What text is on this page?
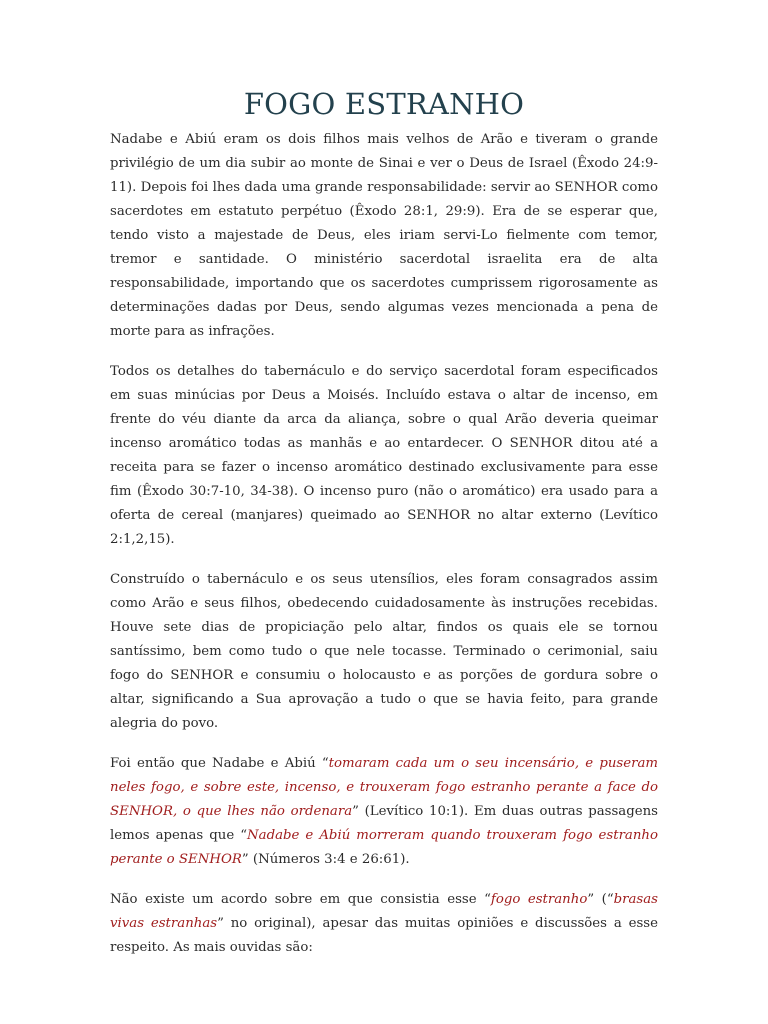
FOGO ESTRANHO

Nadabe e Abiú eram os dois filhos mais velhos de Arão e tiveram o grande privilégio de um dia subir ao monte de Sinai e ver o Deus de Israel (Êxodo 24:9-11). Depois foi lhes dada uma grande responsabilidade: servir ao SENHOR como sacerdotes em estatuto perpétuo (Êxodo 28:1, 29:9). Era de se esperar que, tendo visto a majestade de Deus, eles iriam servi-Lo fielmente com temor, tremor e santidade. O ministério sacerdotal israelita era de alta responsabilidade, importando que os sacerdotes cumprissem rigorosamente as determinações dadas por Deus, sendo algumas vezes mencionada a pena de morte para as infrações.

Todos os detalhes do tabernáculo e do serviço sacerdotal foram especificados em suas minúcias por Deus a Moisés. Incluído estava o altar de incenso, em frente do véu diante da arca da aliança, sobre o qual Arão deveria queimar incenso aromático todas as manhãs e ao entardecer. O SENHOR ditou até a receita para se fazer o incenso aromático destinado exclusivamente para esse fim (Êxodo 30:7-10, 34-38). O incenso puro (não o aromático) era usado para a oferta de cereal (manjares) queimado ao SENHOR no altar externo (Levítico 2:1,2,15).

Construído o tabernáculo e os seus utensílios, eles foram consagrados assim como Arão e seus filhos, obedecendo cuidadosamente às instruções recebidas. Houve sete dias de propiciação pelo altar, findos os quais ele se tornou santíssimo, bem como tudo o que nele tocasse. Terminado o cerimonial, saiu fogo do SENHOR e consumiu o holocausto e as porções de gordura sobre o altar, significando a Sua aprovação a tudo o que se havia feito, para grande alegria do povo.

Foi então que Nadabe e Abiú “tomaram cada um o seu incensário, e puseram neles fogo, e sobre este, incenso, e trouxeram fogo estranho perante a face do SENHOR, o que lhes não ordenara” (Levítico 10:1). Em duas outras passagens lemos apenas que “Nadabe e Abiú morreram quando trouxeram fogo estranho perante o SENHOR” (Números 3:4 e 26:61).

Não existe um acordo sobre em que consistia esse “fogo estranho” (“brasas vivas estranhas” no original), apesar das muitas opiniões e discussões a esse respeito. As mais ouvidas são:
